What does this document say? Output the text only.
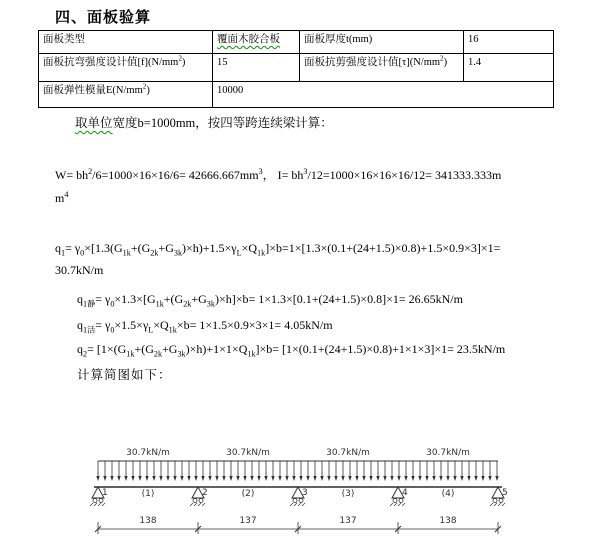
四、面板验算
面板类型	覆面木胶合板	面板厚度t(mm)	16
面板抗弯强度设计值$[f](N/mm^2)$	15	面板抗剪强度设计值$[\tau](N/mm^2)$	1.4
面板弹性模量$E(N/mm^2)$	10000		
取单位宽度b=1000mm，按四等跨连续梁计算：
$W= bh^2/6=1000\times 16\times 16/6= 42666.667mm^3$， $I= bh^3/12=1000\times 16\times 16\times 16/12= 341333.333m$
$m^4$
$q_1= \gamma_0\times[1.3(G_{1k}+(G_{2k}+G_{3k})\times h)+1.5\times\gamma_L\times Q_{1k}]\times b=1\times[1.3\times(0.1+(24+1.5)\times 0.8)+1.5\times 0.9\times 3]\times 1=$
30.7kN/m
$q_{1静}= \gamma_0\times 1.3\times[G_{1k}+(G_{2k}+G_{3k})\times h]\times b= 1\times 1.3\times[0.1+(24+1.5)\times 0.8]\times 1= 26.65kN/m$
$q_{1活}= \gamma_0\times 1.5\times\gamma_L\times Q_{1k}\times b= 1\times 1.5\times 0.9\times 3\times 1= 4.05kN/m$
$q_2= [1\times(G_{1k}+(G_{2k}+G_{3k})\times h)+1\times 1\times Q_{1k}]\times b= [1\times(0.1+(24+1.5)\times 0.8)+1\times 1\times 3]\times 1= 23.5kN/m$
计算简图如下：
1	2	3	4	5
30.7kN/m
(1)
138
30.7kN/m
(2)
137
30.7kN/m
(3)
137
30.7kN/m
(4)
138
